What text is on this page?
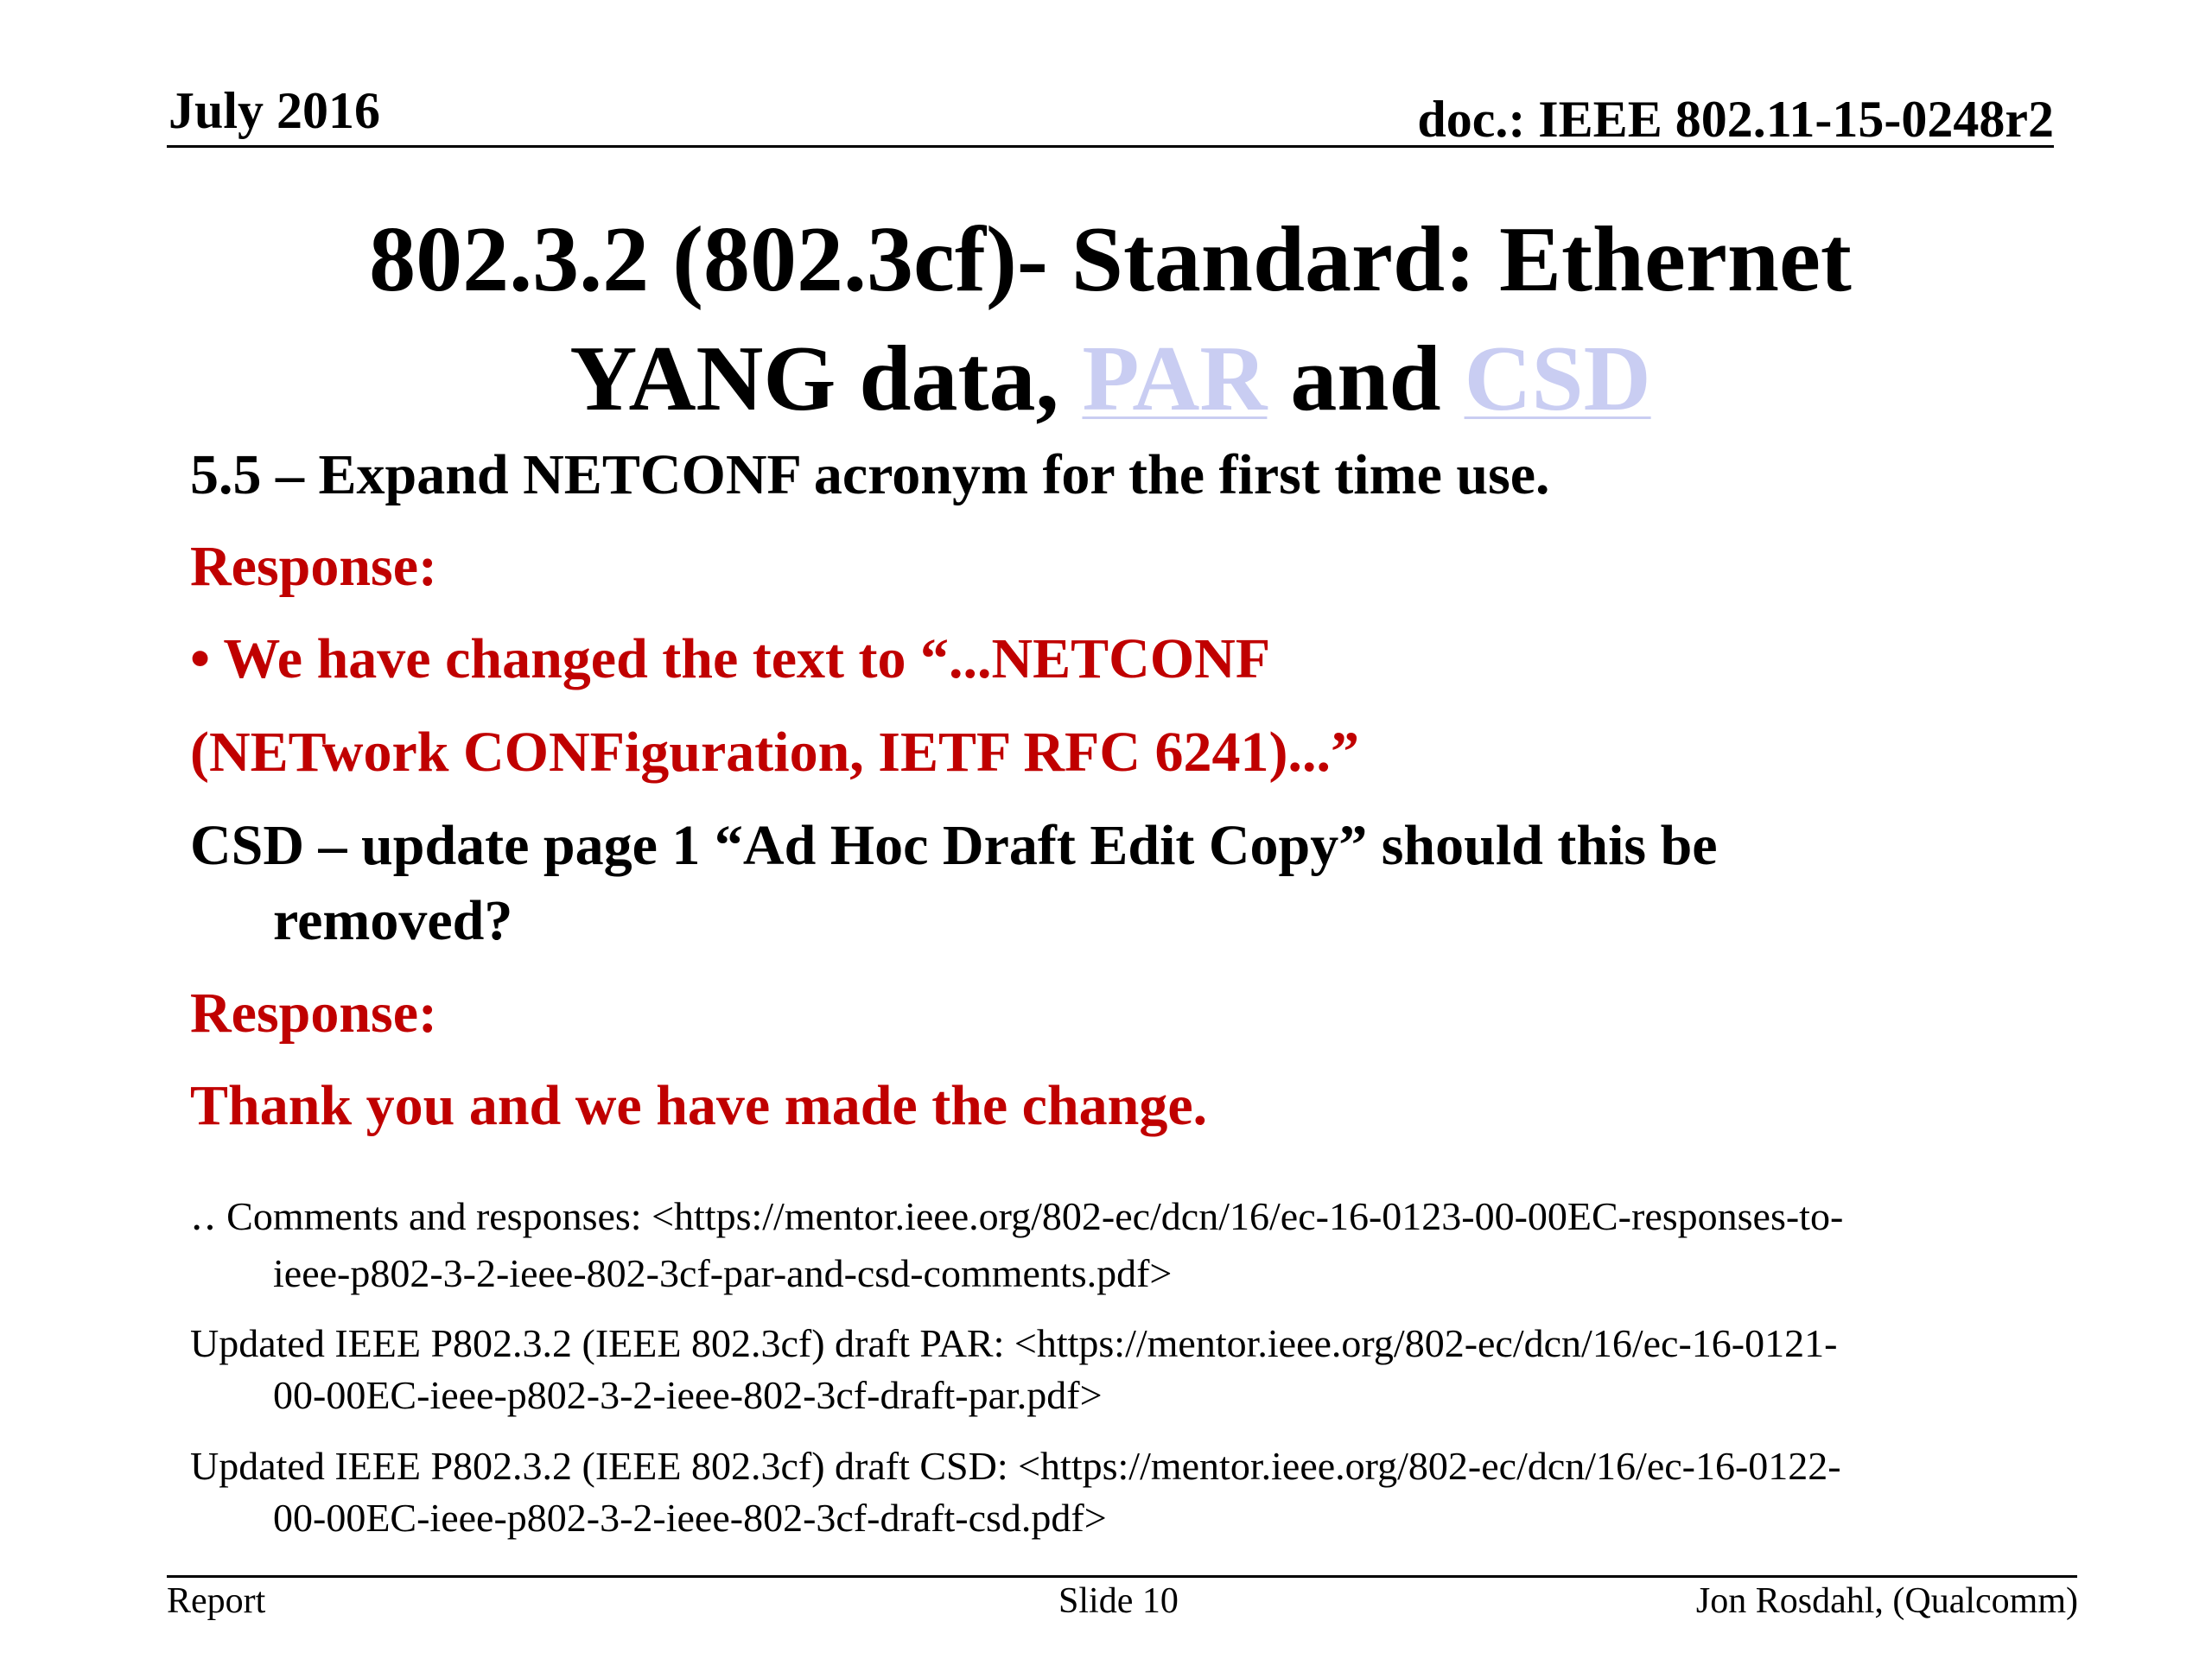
July 2016	doc.: IEEE 802.11-15-0248r2
802.3.2 (802.3cf)- Standard: Ethernet
YANG data, PAR and CSD
5.5 – Expand NETCONF acronym for the first time use.
Response:
• We have changed the text to “...NETCONF
(NETwork CONFiguration, IETF RFC 6241)...”
CSD – update page 1 “Ad Hoc Draft Edit Copy” should this be
removed?
Response:
Thank you and we have made the change.
‥ Comments and responses: <https://mentor.ieee.org/802-ec/dcn/16/ec-16-0123-00-00EC-responses-to-
ieee-p802-3-2-ieee-802-3cf-par-and-csd-comments.pdf>
Updated IEEE P802.3.2 (IEEE 802.3cf) draft PAR: <https://mentor.ieee.org/802-ec/dcn/16/ec-16-0121-
00-00EC-ieee-p802-3-2-ieee-802-3cf-draft-par.pdf>
Updated IEEE P802.3.2 (IEEE 802.3cf) draft CSD: <https://mentor.ieee.org/802-ec/dcn/16/ec-16-0122-
00-00EC-ieee-p802-3-2-ieee-802-3cf-draft-csd.pdf>
Report	Slide 10	Jon Rosdahl, (Qualcomm)
